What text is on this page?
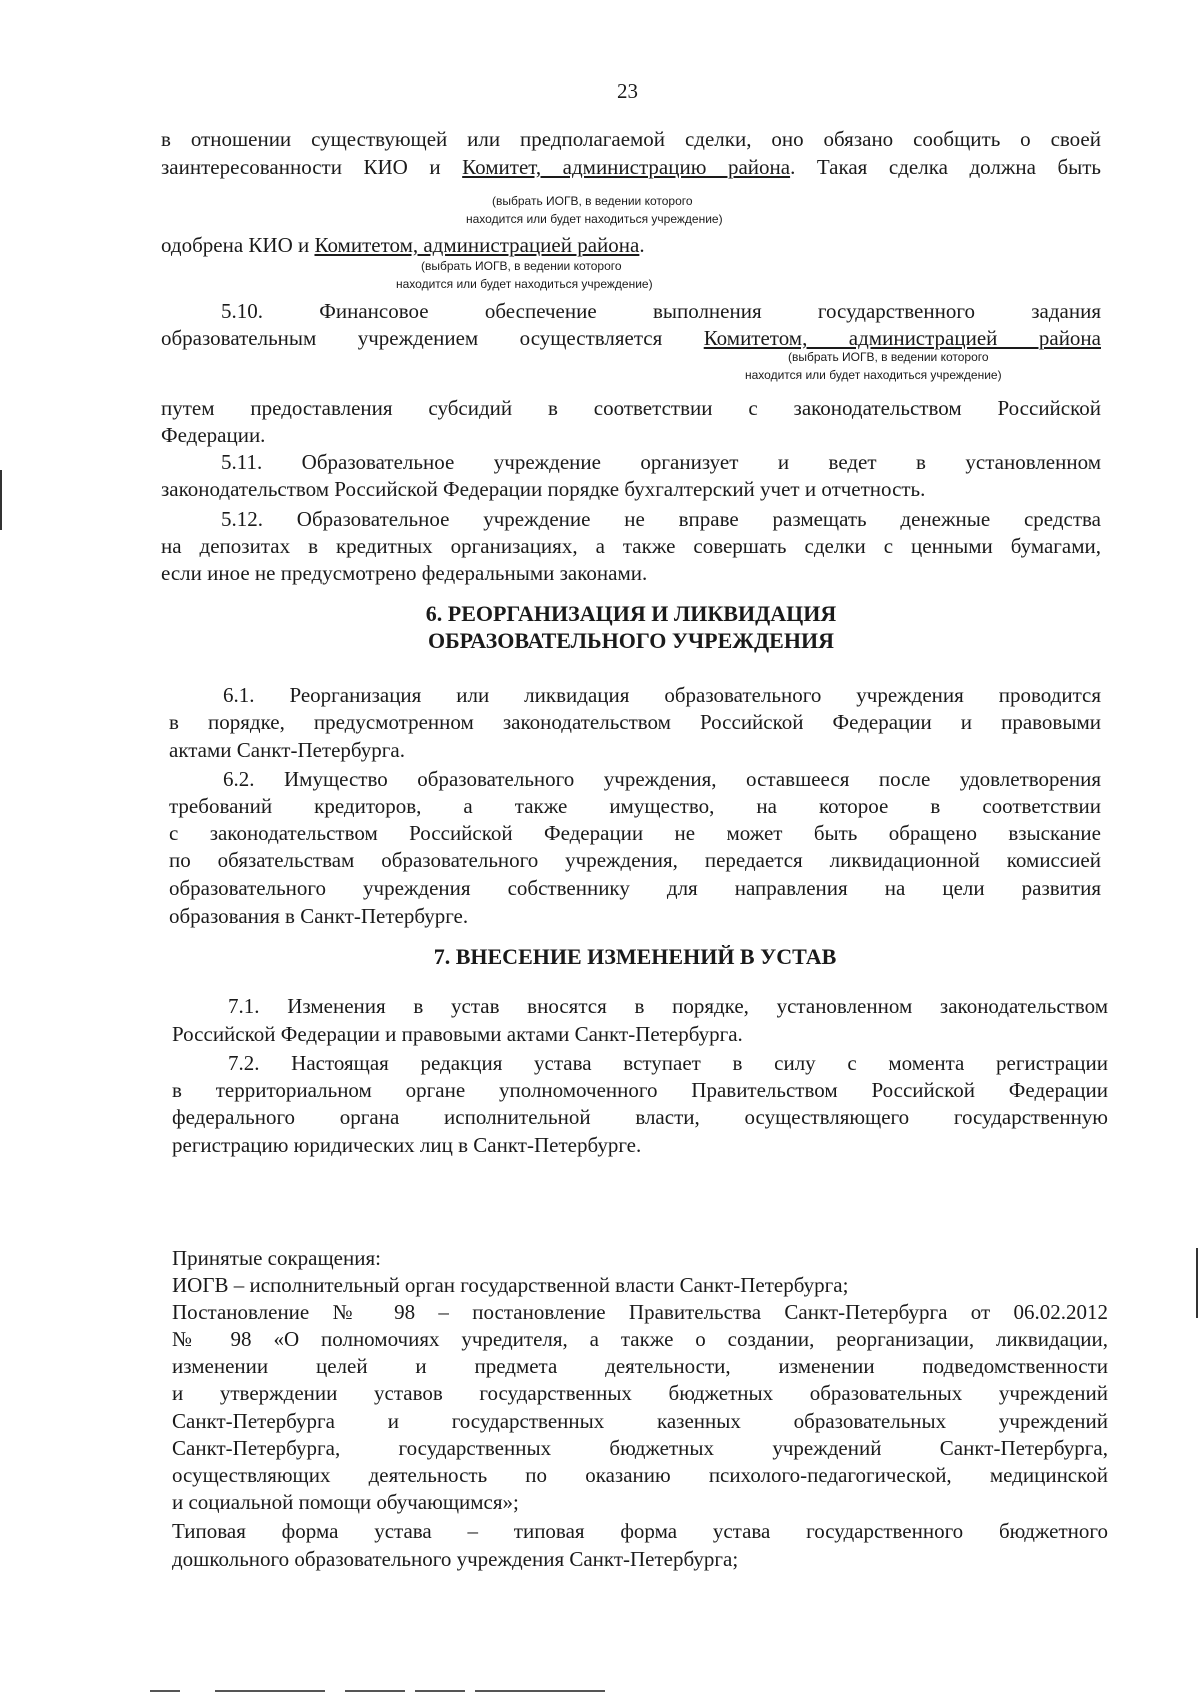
23
в отношении существующей или предполагаемой сделки, оно обязано сообщить о своей
заинтересованности КИО и Комитет, администрацию района. Такая сделка должна быть
(выбрать ИОГВ, в ведении которого
находится или будет находиться учреждение)
одобрена КИО и Комитетом, администрацией района.
(выбрать ИОГВ, в ведении которого
находится или будет находиться учреждение)
5.10. Финансовое обеспечение выполнения государственного задания
образовательным учреждением осуществляется Комитетом, администрацией района
(выбрать ИОГВ, в ведении которого
находится или будет находиться учреждение)
путем предоставления субсидий в соответствии с законодательством Российской
Федерации.
5.11. Образовательное учреждение организует и ведет в установленном
законодательством Российской Федерации порядке бухгалтерский учет и отчетность.
5.12. Образовательное учреждение не вправе размещать денежные средства
на депозитах в кредитных организациях, а также совершать сделки с ценными бумагами,
если иное не предусмотрено федеральными законами.
6. РЕОРГАНИЗАЦИЯ И ЛИКВИДАЦИЯ
ОБРАЗОВАТЕЛЬНОГО УЧРЕЖДЕНИЯ
6.1. Реорганизация или ликвидация образовательного учреждения проводится
в порядке, предусмотренном законодательством Российской Федерации и правовыми
актами Санкт-Петербурга.
6.2. Имущество образовательного учреждения, оставшееся после удовлетворения
требований кредиторов, а также имущество, на которое в соответствии
с законодательством Российской Федерации не может быть обращено взыскание
по обязательствам образовательного учреждения, передается ликвидационной комиссией
образовательного учреждения собственнику для направления на цели развития
образования в Санкт-Петербурге.
7. ВНЕСЕНИЕ ИЗМЕНЕНИЙ В УСТАВ
7.1. Изменения в устав вносятся в порядке, установленном законодательством
Российской Федерации и правовыми актами Санкт-Петербурга.
7.2. Настоящая редакция устава вступает в силу с момента регистрации
в территориальном органе уполномоченного Правительством Российской Федерации
федерального органа исполнительной власти, осуществляющего государственную
регистрацию юридических лиц в Санкт-Петербурге.
Принятые сокращения:
ИОГВ – исполнительный орган государственной власти Санкт-Петербурга;
Постановление № 98 – постановление Правительства Санкт-Петербурга от 06.02.2012
№ 98 «О полномочиях учредителя, а также о создании, реорганизации, ликвидации,
изменении целей и предмета деятельности, изменении подведомственности
и утверждении уставов государственных бюджетных образовательных учреждений
Санкт-Петербурга и государственных казенных образовательных учреждений
Санкт-Петербурга, государственных бюджетных учреждений Санкт-Петербурга,
осуществляющих деятельность по оказанию психолого-педагогической, медицинской
и социальной помощи обучающимся»;
Типовая форма устава – типовая форма устава государственного бюджетного
дошкольного образовательного учреждения Санкт-Петербурга;
